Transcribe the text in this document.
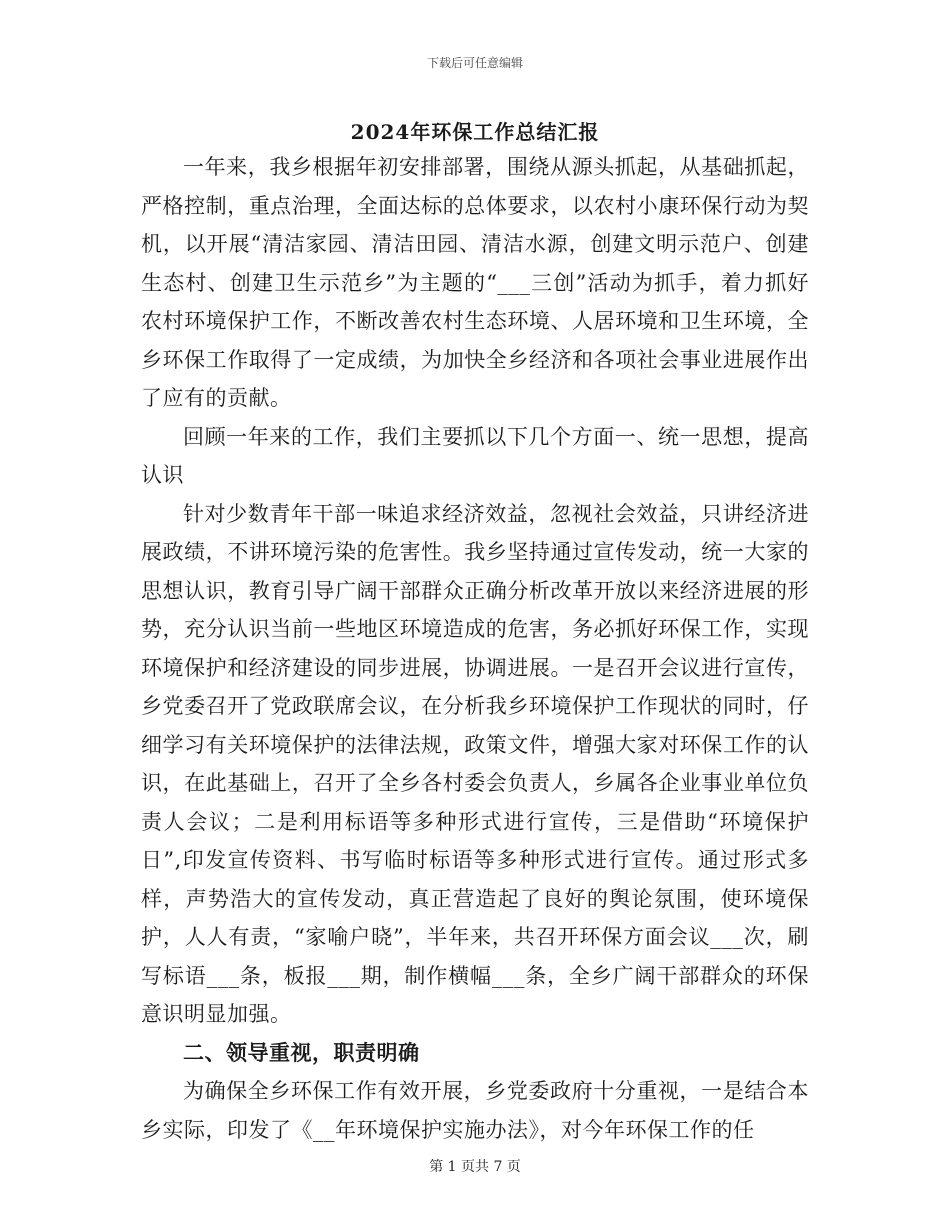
下载后可任意编辑
2024年环保工作总结汇报

一年来，我乡根据年初安排部署，围绕从源头抓起，从基础抓起，严格控制，重点治理，全面达标的总体要求，以农村小康环保行动为契机，以开展“清洁家园、清洁田园、清洁水源，创建文明示范户、创建生态村、创建卫生示范乡”为主题的“___三创”活动为抓手，着力抓好农村环境保护工作，不断改善农村生态环境、人居环境和卫生环境，全乡环保工作取得了一定成绩，为加快全乡经济和各项社会事业进展作出了应有的贡献。

回顾一年来的工作，我们主要抓以下几个方面一、统一思想，提高认识

针对少数青年干部一味追求经济效益，忽视社会效益，只讲经济进展政绩，不讲环境污染的危害性。我乡坚持通过宣传发动，统一大家的思想认识，教育引导广阔干部群众正确分析改革开放以来经济进展的形势，充分认识当前一些地区环境造成的危害，务必抓好环保工作，实现环境保护和经济建设的同步进展，协调进展。一是召开会议进行宣传，乡党委召开了党政联席会议，在分析我乡环境保护工作现状的同时，仔细学习有关环境保护的法律法规，政策文件，增强大家对环保工作的认识，在此基础上，召开了全乡各村委会负责人，乡属各企业事业单位负责人会议；二是利用标语等多种形式进行宣传，三是借助“环境保护日”,印发宣传资料、书写临时标语等多种形式进行宣传。通过形式多样，声势浩大的宣传发动，真正营造起了良好的舆论氛围，使环境保护，人人有责，“家喻户晓”，半年来，共召开环保方面会议___次，刷写标语___条，板报___期，制作横幅___条，全乡广阔干部群众的环保意识明显加强。

二、领导重视，职责明确

为确保全乡环保工作有效开展，乡党委政府十分重视，一是结合本乡实际，印发了《__年环境保护实施办法》，对今年环保工作的任

第 1 页共 7 页
